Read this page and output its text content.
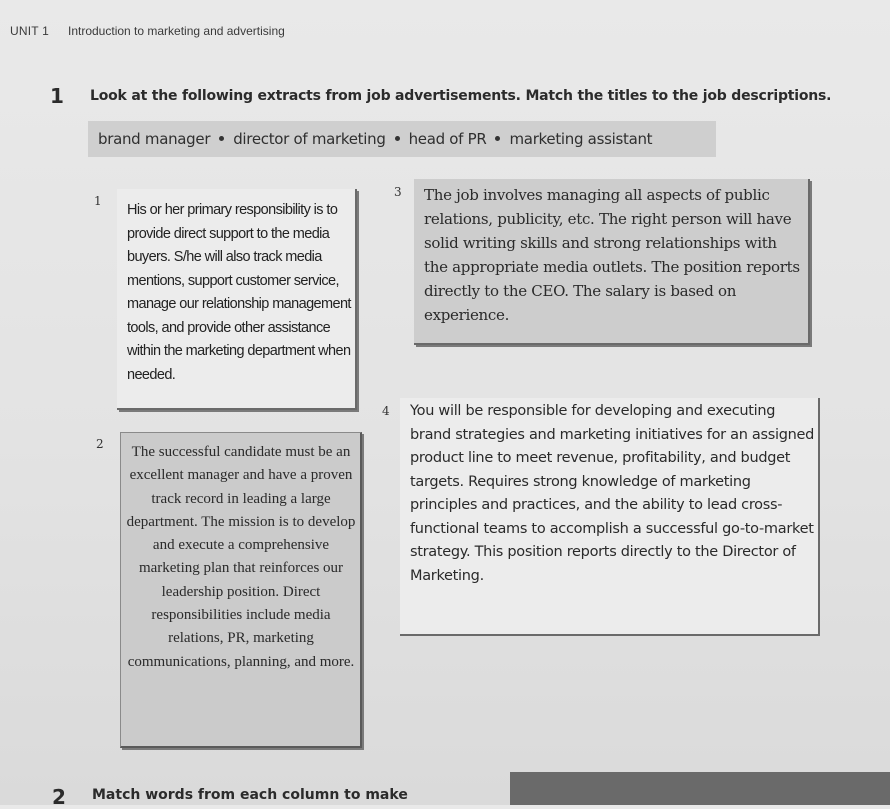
UNIT 1 Introduction to marketing and advertising
1 Look at the following extracts from job advertisements. Match the titles to the job descriptions.
brand manager director of marketing head of PR marketing assistant
1

His or her primary responsibility is to provide direct support to the media buyers. S/he will also track media mentions, support customer service, manage our relationship management tools, and provide other assistance within the marketing department when needed.

3 The job involves managing all aspects of public relations, publicity, etc. The right person will have solid writing skills and strong relationships with the appropriate media outlets. The position reports directly to the CEO. The salary is based on experience.

2	The successful candidate must be an excellent manager and have a proven track record in leading a large department. The mission is to develop and execute a comprehensive marketing plan that reinforces our leadership position. Direct responsibilities include media relations, PR, marketing communications, planning, and more.

4 You will be responsible for developing and executing brand strategies and marketing initiatives for an assigned product line to meet revenue, profitability, and budget targets. Requires strong knowledge of marketing principles and practices, and the ability to lead cross-functional teams to accomplish a successful go-to-market strategy. This position reports directly to the Director of Marketing.

2 Match words from each column to make
